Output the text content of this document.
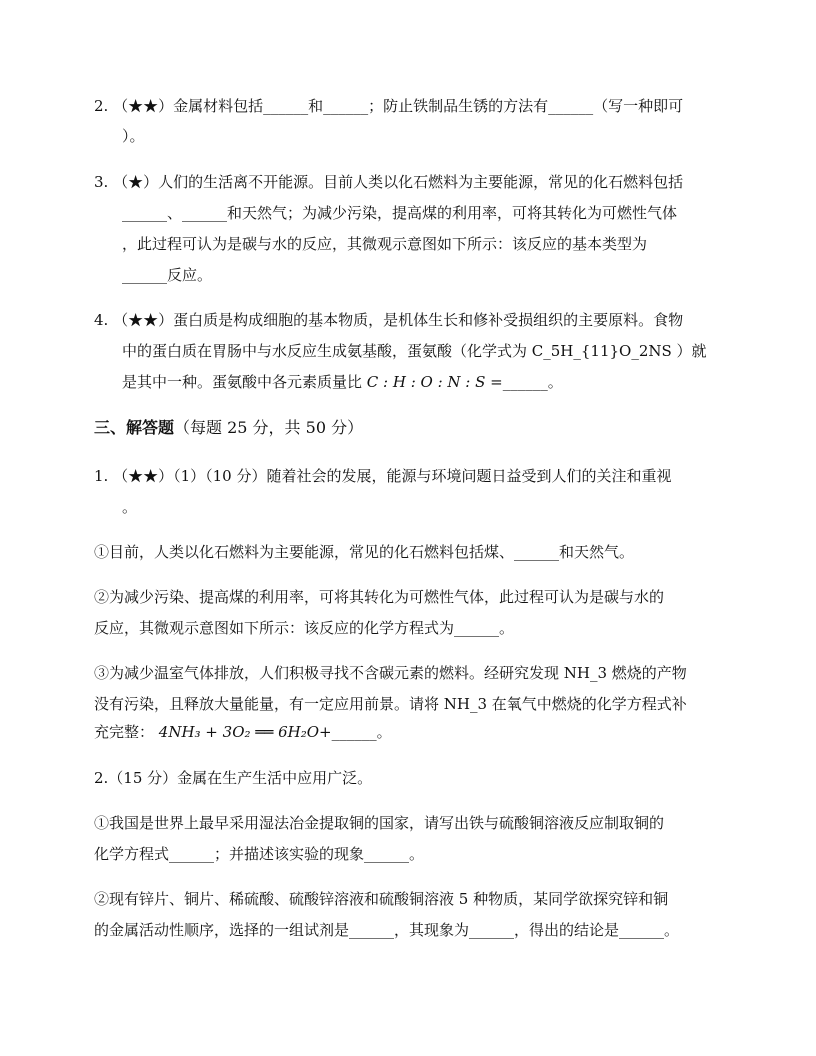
2. （★★）金属材料包括______和______；防止铁制品生锈的方法有______（写一种即可
）。
3. （★）人们的生活离不开能源。目前人类以化石燃料为主要能源，常见的化石燃料包括
______、______和天然气；为减少污染，提高煤的利用率，可将其转化为可燃性气体
，此过程可认为是碳与水的反应，其微观示意图如下所示：该反应的基本类型为
______反应。
4. （★★）蛋白质是构成细胞的基本物质，是机体生长和修补受损组织的主要原料。食物
中的蛋白质在胃肠中与水反应生成氨基酸，蛋氨酸（化学式为 C_5H_{11}O_2NS ）就
是其中一种。蛋氨酸中各元素质量比 C : H : O : N : S =______。
三、解答题（每题 25 分，共 50 分）
1. （★★）（1）（10 分）随着社会的发展，能源与环境问题日益受到人们的关注和重视
。
①目前，人类以化石燃料为主要能源，常见的化石燃料包括煤、______和天然气。
②为减少污染、提高煤的利用率，可将其转化为可燃性气体，此过程可认为是碳与水的
反应，其微观示意图如下所示：该反应的化学方程式为______。
③为减少温室气体排放，人们积极寻找不含碳元素的燃料。经研究发现 NH_3 燃烧的产物
没有污染，且释放大量能量，有一定应用前景。请将 NH_3 在氧气中燃烧的化学方程式补
充完整： 4NH₃ + 3O₂ ══ 6H₂O+______。
2.（15 分）金属在生产生活中应用广泛。
①我国是世界上最早采用湿法冶金提取铜的国家，请写出铁与硫酸铜溶液反应制取铜的
化学方程式______；并描述该实验的现象______。
②现有锌片、铜片、稀硫酸、硫酸锌溶液和硫酸铜溶液 5 种物质，某同学欲探究锌和铜
的金属活动性顺序，选择的一组试剂是______，其现象为______，得出的结论是______。
